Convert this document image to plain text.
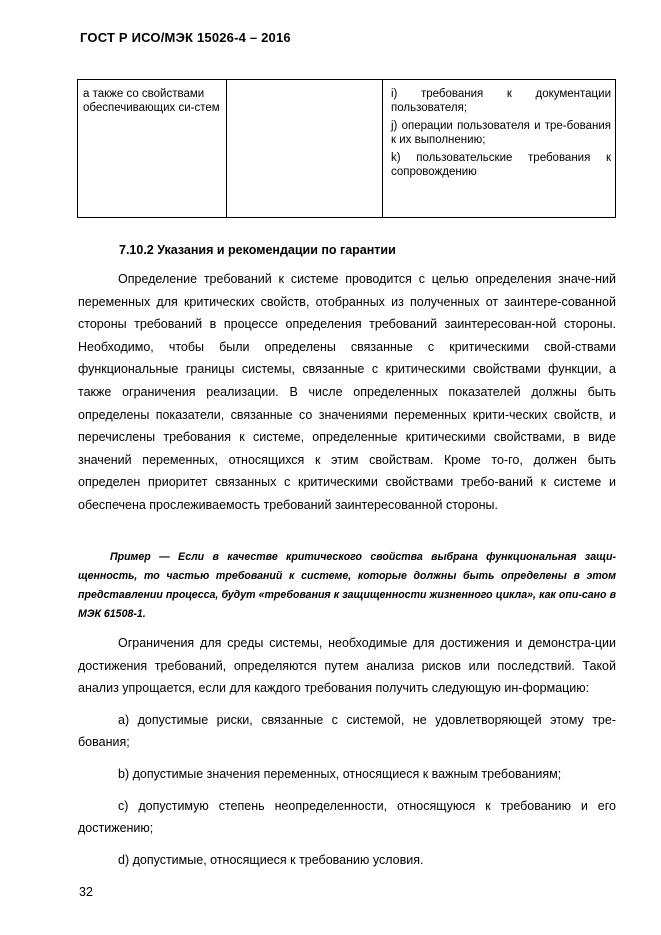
ГОСТ Р ИСО/МЭК 15026-4 – 2016
а также со свойствами обеспечивающих си-стем

i) требования к документации пользователя;

j) операции пользователя и тре-бования к их выполнению;

k) пользовательские требования к сопровождению

7.10.2 Указания и рекомендации по гарантии

Определение требований к системе проводится с целью определения значе-ний переменных для критических свойств, отобранных из полученных от заинтере-сованной стороны требований в процессе определения требований заинтересован-ной стороны. Необходимо, чтобы были определены связанные с критическими свой-ствами функциональные границы системы, связанные с критическими свойствами функции, а также ограничения реализации. В числе определенных показателей должны быть определены показатели, связанные со значениями переменных крити-ческих свойств, и перечислены требования к системе, определенные критическими свойствами, в виде значений переменных, относящихся к этим свойствам. Кроме то-го, должен быть определен приоритет связанных с критическими свойствами требо-ваний к системе и обеспечена прослеживаемость требований заинтересованной стороны.

Пример — Если в качестве критического свойства выбрана функциональная защи-щенность, то частью требований к системе, которые должны быть определены в этом представлении процесса, будут «требования к защищенности жизненного цикла», как опи-сано в МЭК 61508-1.

Ограничения для среды системы, необходимые для достижения и демонстра-ции достижения требований, определяются путем анализа рисков или последствий. Такой анализ упрощается, если для каждого требования получить следующую ин-формацию:

а) допустимые риски, связанные с системой, не удовлетворяющей этому тре-бования;

b) допустимые значения переменных, относящиеся к важным требованиям;

с) допустимую степень неопределенности, относящуюся к требованию и его достижению;

d) допустимые, относящиеся к требованию условия.

32
